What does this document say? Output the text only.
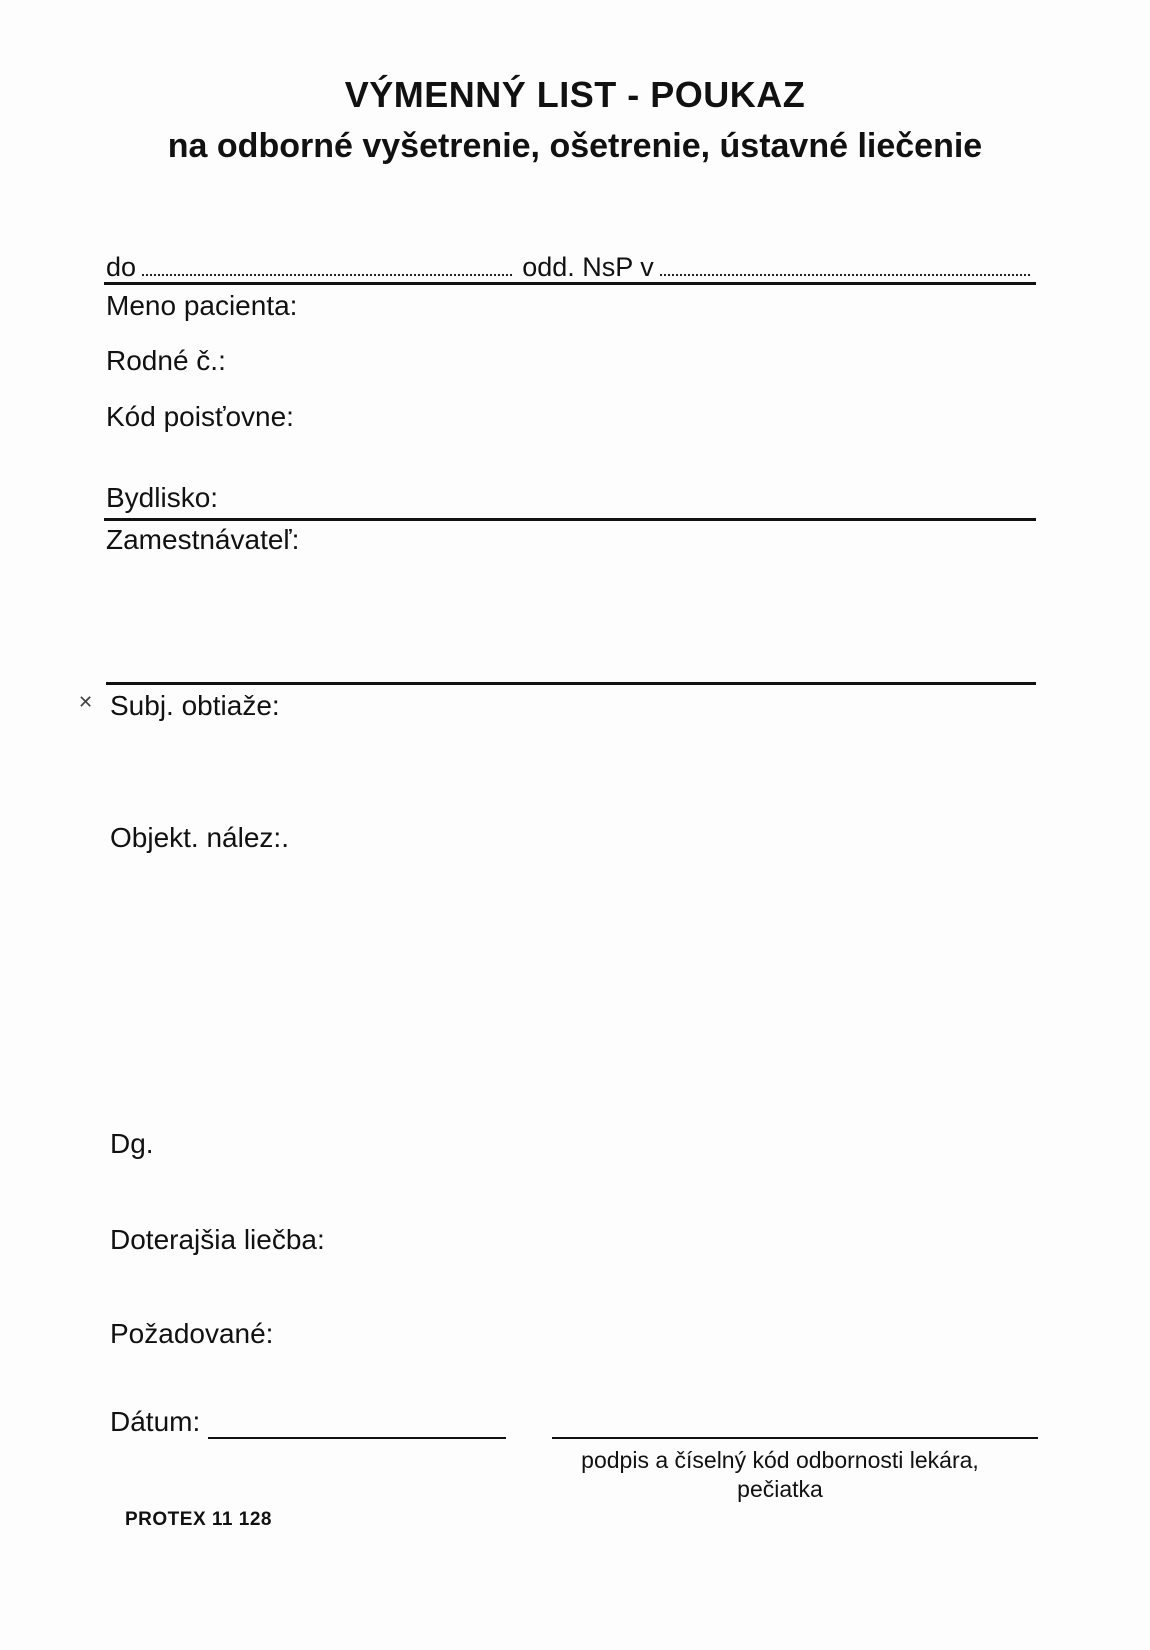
VÝMENNÝ LIST - POUKAZ
na odborné vyšetrenie, ošetrenie, ústavné liečenie
do	odd. NsP v
Meno pacienta:
Rodné č.:
Kód poisťovne:
Bydlisko:
Zamestnávateľ:
✕ Subj. obtiaže:
Objekt. nález:.
Dg.
Doterajšia liečba:
Požadované:
Dátum:
podpis a číselný kód odbornosti lekára, pečiatka
PROTEX 11 128
